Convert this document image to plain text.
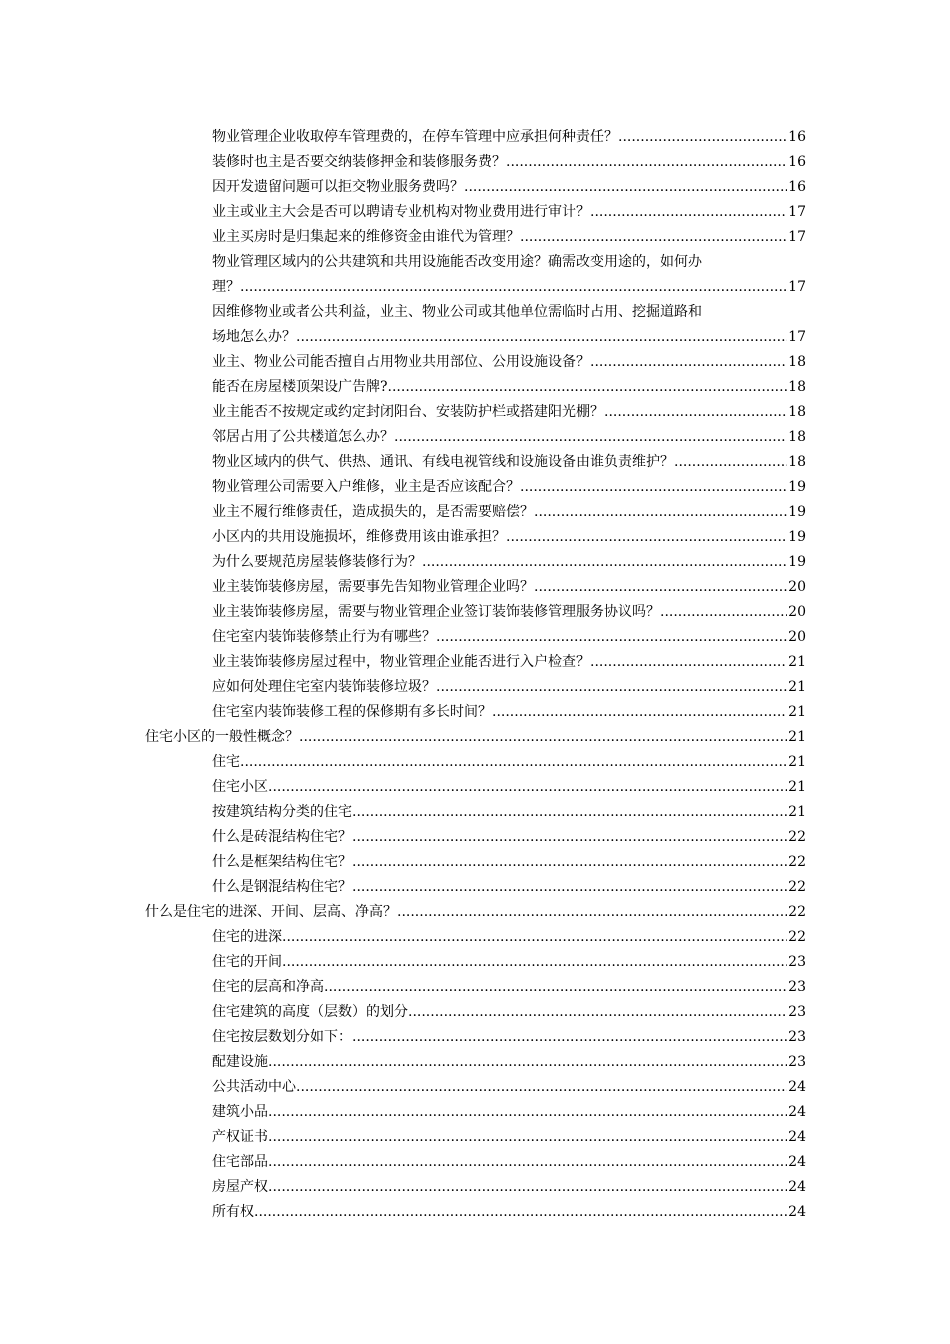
物业管理企业收取停车管理费的，在停车管理中应承担何种责任？ .....	16
装修时也主是否要交纳装修押金和装修服务费？ .....	16
因开发遗留问题可以拒交物业服务费吗？ .....	16
业主或业主大会是否可以聘请专业机构对物业费用进行审计？ .....	17
业主买房时是归集起来的维修资金由谁代为管理？ .....	17
物业管理区域内的公共建筑和共用设施能否改变用途？确需改变用途的，如何办
理？ .....	17
因维修物业或者公共利益，业主、物业公司或其他单位需临时占用、挖掘道路和
场地怎么办？ .....	17
业主、物业公司能否擅自占用物业共用部位、公用设施设备？ .....	18
能否在房屋楼顶架设广告牌? .....	18
业主能否不按规定或约定封闭阳台、安装防护栏或搭建阳光棚？ .....	18
邻居占用了公共楼道怎么办？ .....	18
物业区域内的供气、供热、通讯、有线电视管线和设施设备由谁负责维护？ .....	18
物业管理公司需要入户维修，业主是否应该配合？ .....	19
业主不履行维修责任，造成损失的，是否需要赔偿？ .....	19
小区内的共用设施损坏，维修费用该由谁承担？ .....	19
为什么要规范房屋装修装修行为？ .....	19
业主装饰装修房屋，需要事先告知物业管理企业吗？ .....	20
业主装饰装修房屋，需要与物业管理企业签订装饰装修管理服务协议吗？ .....	20
住宅室内装饰装修禁止行为有哪些？ .....	20
业主装饰装修房屋过程中，物业管理企业能否进行入户检查？ .....	21
应如何处理住宅室内装饰装修垃圾？ .....	21
住宅室内装饰装修工程的保修期有多长时间？ .....	21
住宅小区的一般性概念？ .....	21
住宅 .....	21
住宅小区 .....	21
按建筑结构分类的住宅 .....	21
什么是砖混结构住宅？ .....	22
什么是框架结构住宅？ .....	22
什么是钢混结构住宅？ .....	22
什么是住宅的进深、开间、层高、净高？ .....	22
住宅的进深 .....	22
住宅的开间 .....	23
住宅的层高和净高 .....	23
住宅建筑的高度（层数）的划分 .....	23
住宅按层数划分如下： .....	23
配建设施 .....	23
公共活动中心 .....	24
建筑小品 .....	24
产权证书 .....	24
住宅部品 .....	24
房屋产权 .....	24
所有权 .....	24
